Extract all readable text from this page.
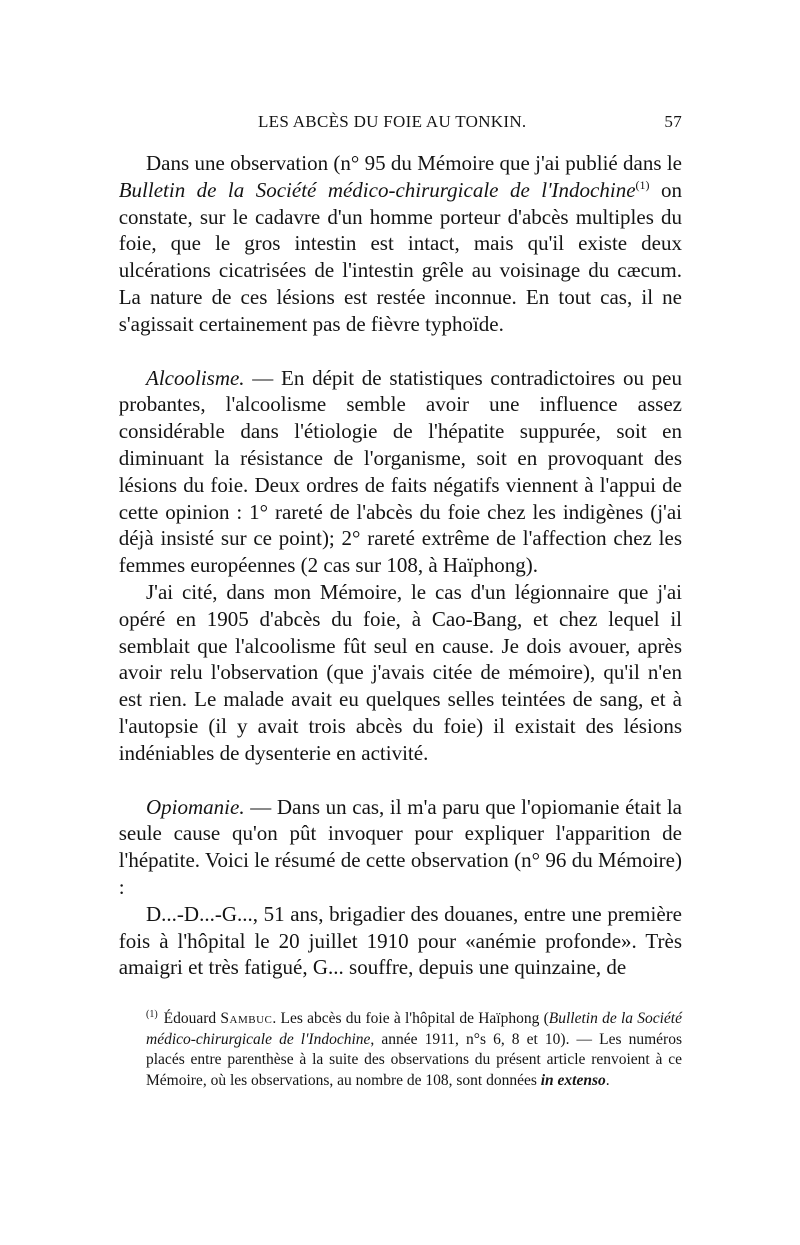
LES ABCÈS DU FOIE AU TONKIN.	57

Dans une observation (n° 95 du Mémoire que j'ai publié dans le Bulletin de la Société médico-chirurgicale de l'Indochine$^{(1)}$ on constate, sur le cadavre d'un homme porteur d'abcès multiples du foie, que le gros intestin est intact, mais qu'il existe deux ulcérations cicatrisées de l'intestin grêle au voisinage du cæcum. La nature de ces lésions est restée inconnue. En tout cas, il ne s'agissait certainement pas de fièvre typhoïde.

Alcoolisme. — En dépit de statistiques contradictoires ou peu probantes, l'alcoolisme semble avoir une influence assez considérable dans l'étiologie de l'hépatite suppurée, soit en diminuant la résistance de l'organisme, soit en provoquant des lésions du foie. Deux ordres de faits négatifs viennent à l'appui de cette opinion : 1° rareté de l'abcès du foie chez les indigènes (j'ai déjà insisté sur ce point); 2° rareté extrême de l'affection chez les femmes européennes (2 cas sur 108, à Haïphong).

J'ai cité, dans mon Mémoire, le cas d'un légionnaire que j'ai opéré en 1905 d'abcès du foie, à Cao-Bang, et chez lequel il semblait que l'alcoolisme fût seul en cause. Je dois avouer, après avoir relu l'observation (que j'avais citée de mémoire), qu'il n'en est rien. Le malade avait eu quelques selles teintées de sang, et à l'autopsie (il y avait trois abcès du foie) il existait des lésions indéniables de dysenterie en activité.

Opiomanie. — Dans un cas, il m'a paru que l'opiomanie était la seule cause qu'on pût invoquer pour expliquer l'apparition de l'hépatite. Voici le résumé de cette observation (n° 96 du Mémoire) :

D...-D...-G..., 51 ans, brigadier des douanes, entre une première fois à l'hôpital le 20 juillet 1910 pour «anémie profonde». Très amaigri et très fatigué, G... souffre, depuis une quinzaine, de

$^{(1)}$ Édouard Sambuc. Les abcès du foie à l'hôpital de Haïphong (Bulletin de la Société médico-chirurgicale de l'Indochine, année 1911, n°s 6, 8 et 10). — Les numéros placés entre parenthèse à la suite des observations du présent article renvoient à ce Mémoire, où les observations, au nombre de 108, sont données in extenso.
